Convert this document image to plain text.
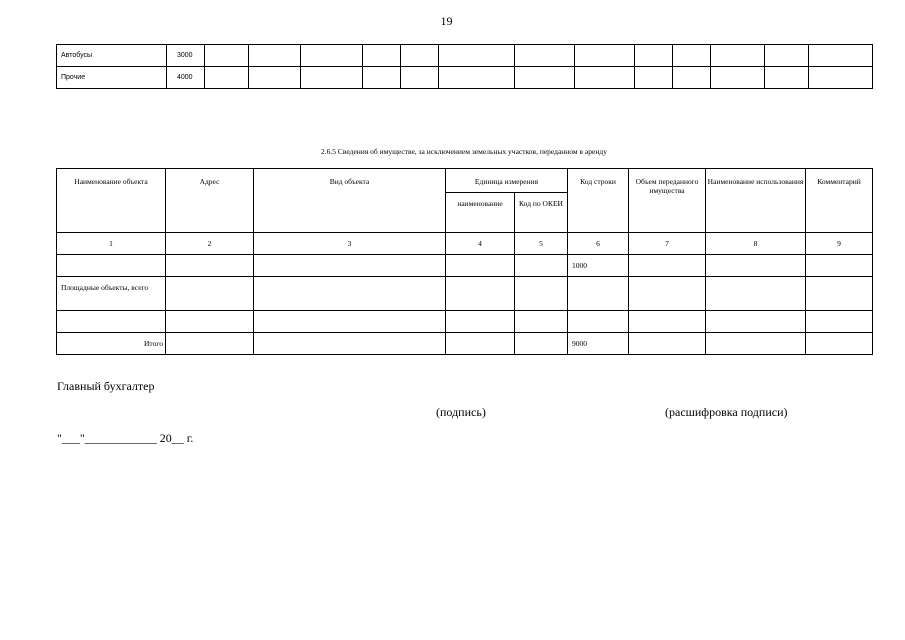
19
Автобусы	3000													
Прочие	4000													
2.6.5 Сведения об имуществе, за исключением земельных участков, переданном в аренду
Наименование объекта	Адрес	Вид объекта	Единица измерения		Код строки	Объем переданного имущества	Наименование использования	Комментарий
			наименование	Код по ОКЕИ				
1	2	3	4	5	6	7	8	9
					1000			
Площадные объекты, всего								

Итого					9000			
Главный бухгалтер
(подпись)	(расшифровка подписи)
"___"____________ 20__ г.
